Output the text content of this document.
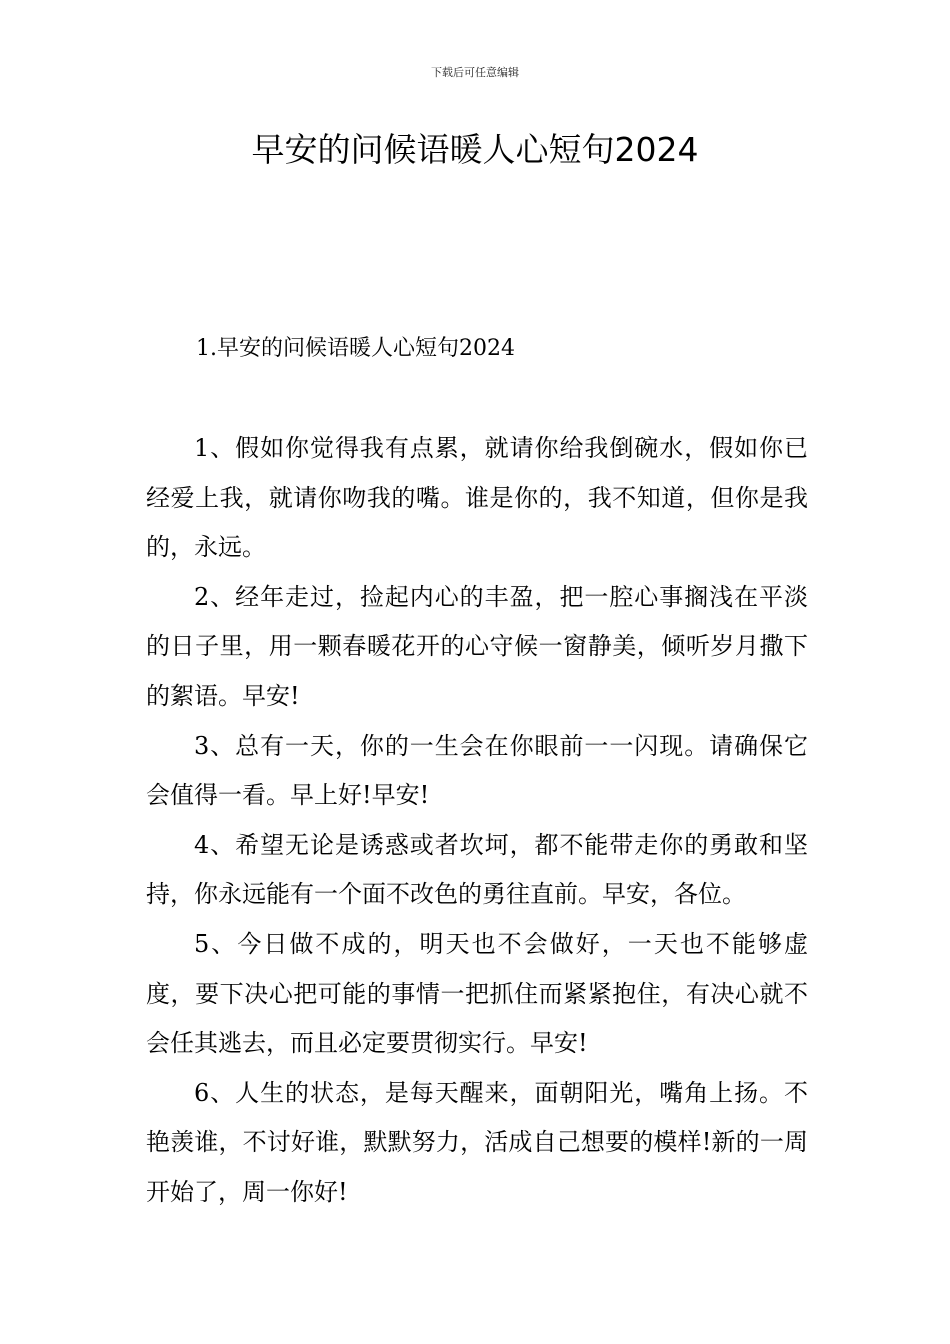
下载后可任意编辑
早安的问候语暖人心短句2024
1.早安的问候语暖人心短句2024

1、假如你觉得我有点累，就请你给我倒碗水，假如你已经爱上我，就请你吻我的嘴。谁是你的，我不知道，但你是我的，永远。

2、经年走过，捡起内心的丰盈，把一腔心事搁浅在平淡的日子里，用一颗春暖花开的心守候一窗静美，倾听岁月撒下的絮语。早安!

3、总有一天，你的一生会在你眼前一一闪现。请确保它会值得一看。早上好!早安!

4、希望无论是诱惑或者坎坷，都不能带走你的勇敢和坚持，你永远能有一个面不改色的勇往直前。早安，各位。

5、今日做不成的，明天也不会做好，一天也不能够虚度，要下决心把可能的事情一把抓住而紧紧抱住，有决心就不会任其逃去，而且必定要贯彻实行。早安!

6、人生的状态，是每天醒来，面朝阳光，嘴角上扬。不艳羡谁，不讨好谁，默默努力，活成自己想要的模样!新的一周开始了，周一你好!
